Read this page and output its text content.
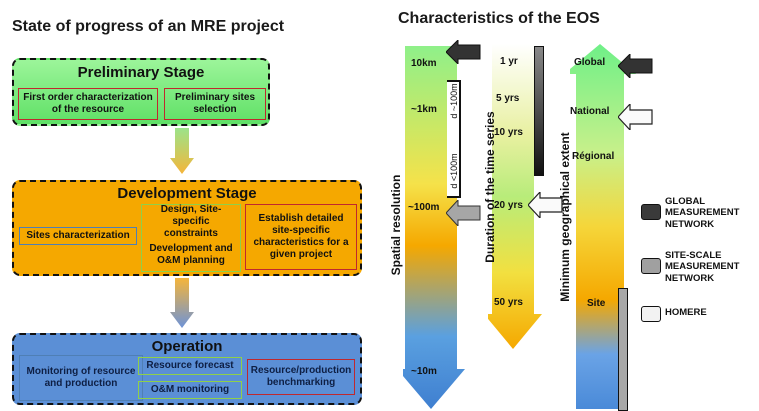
State of progress of an MRE project
Preliminary Stage
First order characterization of the resource
Preliminary sites selection
Development Stage
Sites characterization
Design, Site-specific constraints
Development and O&M planning
Establish detailed site-specific characteristics for a given project
Operation
Monitoring of resource and production
Resource forecast
O&M monitoring
Resource/production benchmarking
Characteristics of the EOS
10km
~1km
~100m
~10m
Spatial resolution
d ~100m
d <100m
1 yr
5 yrs
10 yrs
20 yrs
50 yrs
Duration of the time series
Global
National
Régional
Site
Minimum geographical extent	GLOBAL MEASUREMENT NETWORK
SITE-SCALE MEASUREMENT NETWORK
HOMERE
